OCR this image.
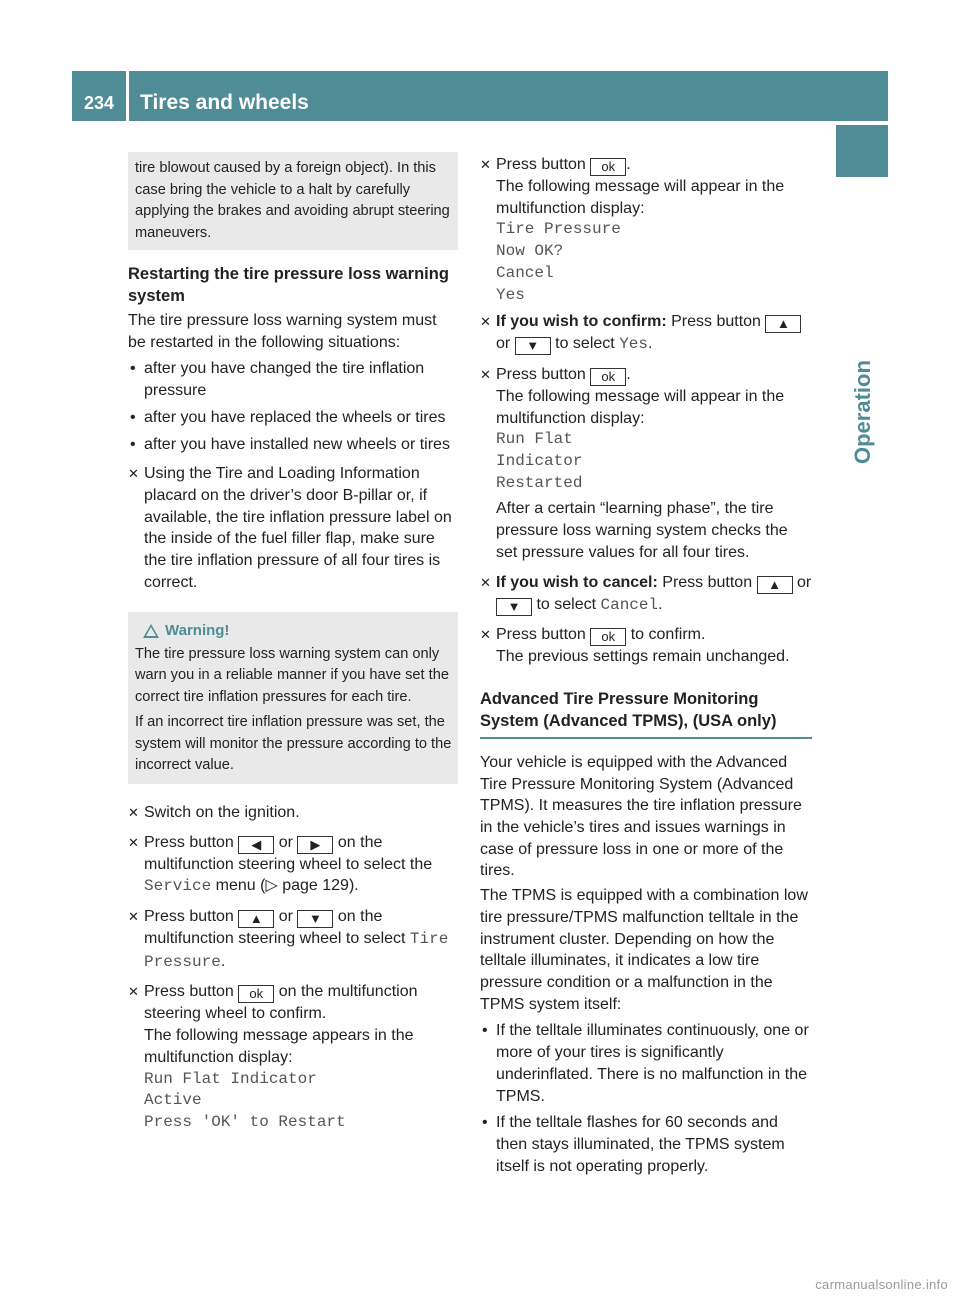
234 Tires and wheels
Operation

tire blowout caused by a foreign object). In this case bring the vehicle to a halt by carefully applying the brakes and avoiding abrupt steering maneuvers.

Restarting the tire pressure loss warning system

The tire pressure loss warning system must be restarted in the following situations:

• after you have changed the tire inflation pressure
• after you have replaced the wheels or tires
• after you have installed new wheels or tires
✕ Using the Tire and Loading Information placard on the driver’s door B-pillar or, if available, the tire inflation pressure label on the inside of the fuel filler flap, make sure the tire inflation pressure of all four tires is correct.
Warning!

The tire pressure loss warning system can only warn you in a reliable manner if you have set the correct tire inflation pressures for each tire.

If an incorrect tire inflation pressure was set, the system will monitor the pressure according to the incorrect value.

✕ Switch on the ignition.
✕ Press button ◀ or ▶ on the multifunction steering wheel to select the Service menu (▷ page 129).
✕ Press button ▲ or ▼ on the multifunction steering wheel to select Tire Pressure.
✕ Press button ok on the multifunction steering wheel to confirm.
The following message appears in the multifunction display:
Run Flat Indicator
Active
Press 'OK' to Restart
✕ Press button ok .
The following message will appear in the multifunction display:
Tire Pressure
Now OK?
Cancel
Yes
✕ If you wish to confirm: Press button ▲ or ▼ to select Yes.
✕ Press button ok .
The following message will appear in the multifunction display:
Run Flat
Indicator
Restarted
After a certain “learning phase”, the tire pressure loss warning system checks the set pressure values for all four tires.
✕ If you wish to cancel: Press button ▲ or ▼ to select Cancel.
✕ Press button ok to confirm.
The previous settings remain unchanged.
Advanced Tire Pressure Monitoring System (Advanced TPMS), (USA only)

Your vehicle is equipped with the Advanced Tire Pressure Monitoring System (Advanced TPMS). It measures the tire inflation pressure in the vehicle’s tires and issues warnings in case of pressure loss in one or more of the tires.

The TPMS is equipped with a combination low tire pressure/TPMS malfunction telltale in the instrument cluster. Depending on how the telltale illuminates, it indicates a low tire pressure condition or a malfunction in the TPMS system itself:

• If the telltale illuminates continuously, one or more of your tires is significantly underinflated. There is no malfunction in the TPMS.
• If the telltale flashes for 60 seconds and then stays illuminated, the TPMS system itself is not operating properly.
carmanualsonline.info
